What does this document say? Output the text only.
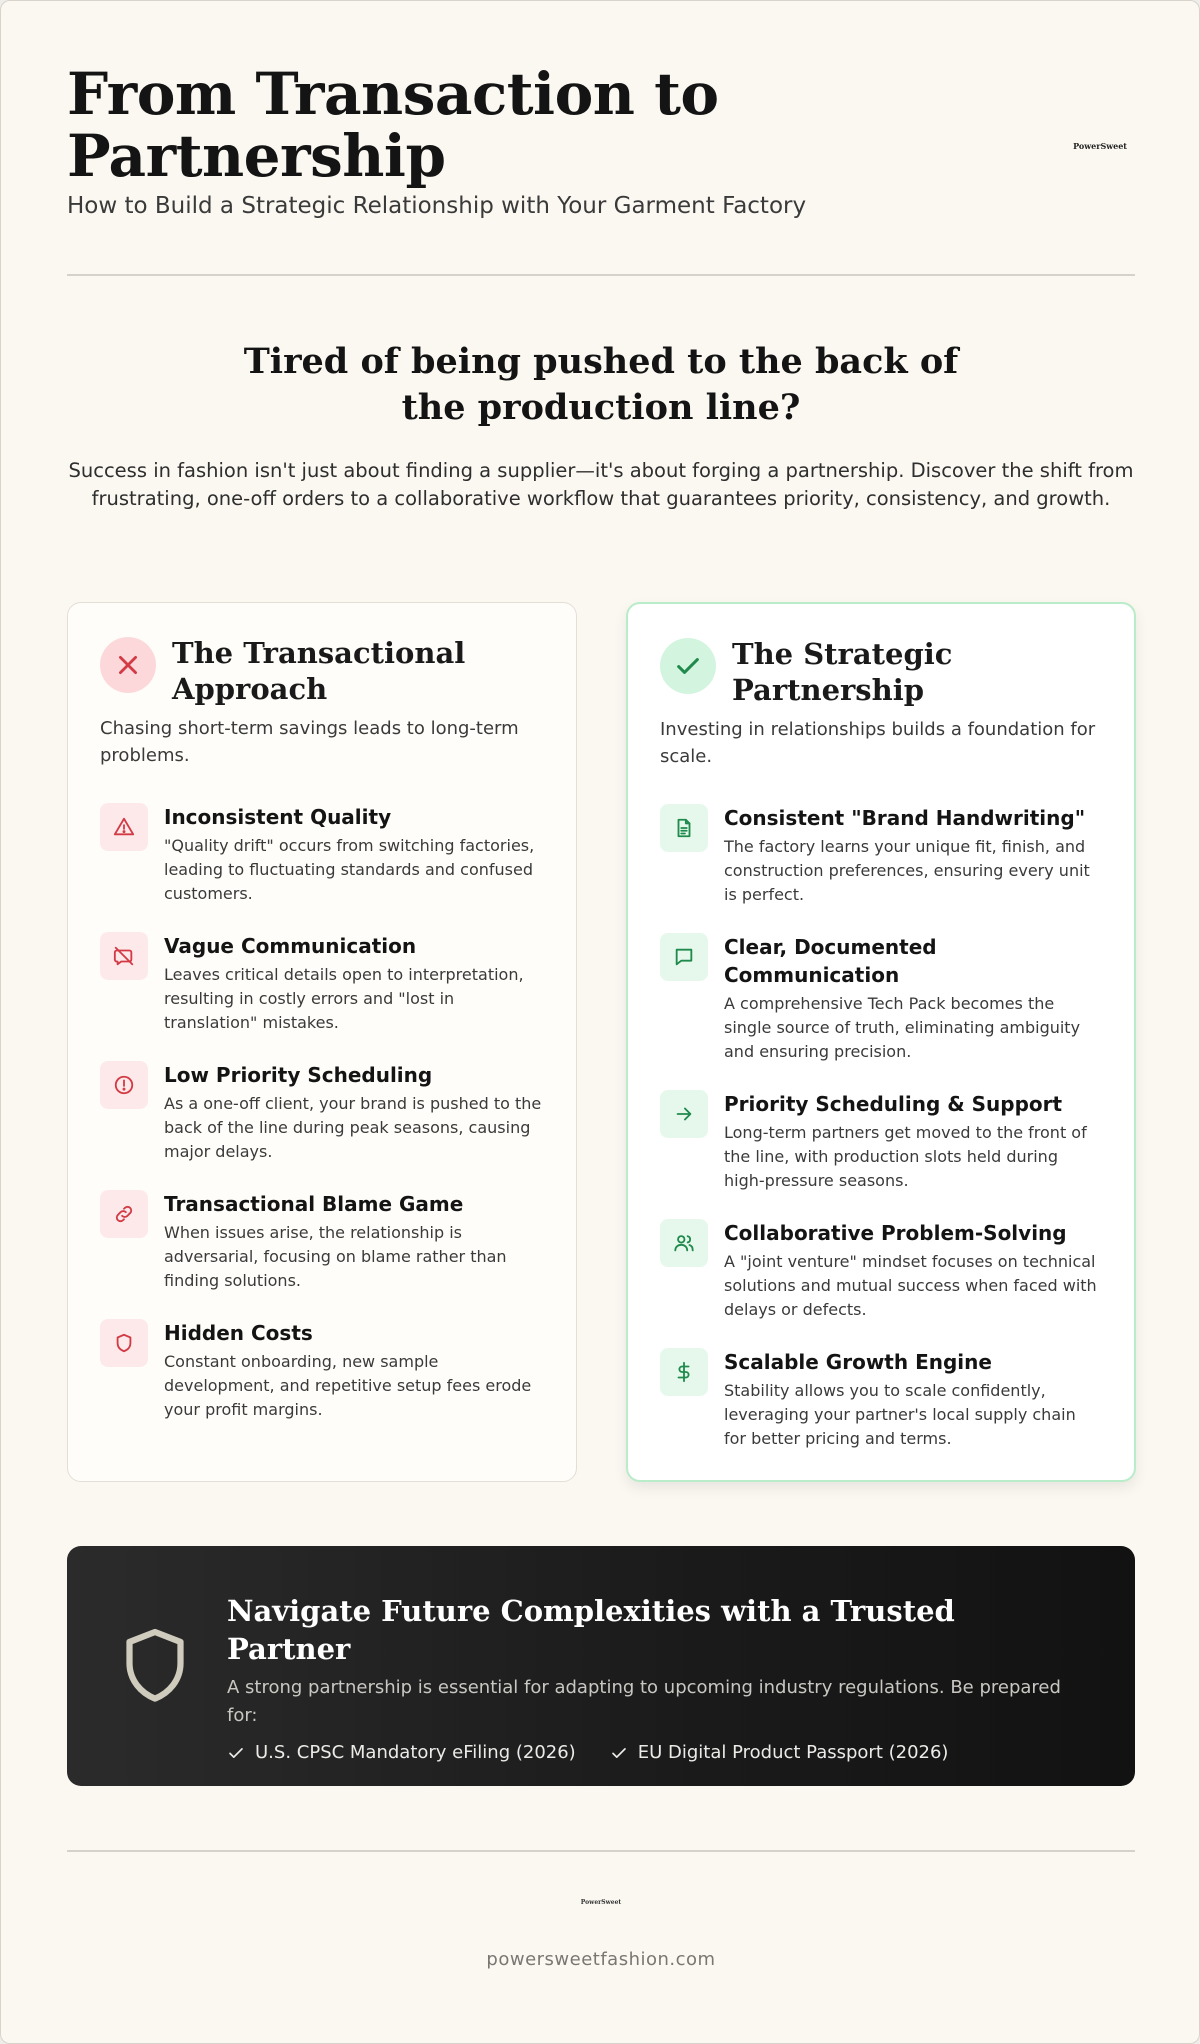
From Transaction to Partnership
How to Build a Strategic Relationship with Your Garment Factory
PowerSweet
Tired of being pushed to the back of the production line?

Success in fashion isn't just about finding a supplier—it's about forging a partnership. Discover the shift from frustrating, one-off orders to a collaborative workflow that guarantees priority, consistency, and growth.

The Transactional Approach
Chasing short-term savings leads to long-term problems.
Inconsistent Quality
"Quality drift" occurs from switching factories, leading to fluctuating standards and confused customers.
Vague Communication
Leaves critical details open to interpretation, resulting in costly errors and "lost in translation" mistakes.
Low Priority Scheduling
As a one-off client, your brand is pushed to the back of the line during peak seasons, causing major delays.
Transactional Blame Game
When issues arise, the relationship is adversarial, focusing on blame rather than finding solutions.
Hidden Costs
Constant onboarding, new sample development, and repetitive setup fees erode your profit margins.
The Strategic Partnership
Investing in relationships builds a foundation for scale.
Consistent "Brand Handwriting"
The factory learns your unique fit, finish, and construction preferences, ensuring every unit is perfect.
Clear, Documented Communication
A comprehensive Tech Pack becomes the single source of truth, eliminating ambiguity and ensuring precision.
Priority Scheduling & Support
Long-term partners get moved to the front of the line, with production slots held during high-pressure seasons.
Collaborative Problem-Solving
A "joint venture" mindset focuses on technical solutions and mutual success when faced with delays or defects.
Scalable Growth Engine
Stability allows you to scale confidently, leveraging your partner's local supply chain for better pricing and terms.
Navigate Future Complexities with a Trusted Partner
A strong partnership is essential for adapting to upcoming industry regulations. Be prepared for:
U.S. CPSC Mandatory eFiling (2026)	EU Digital Product Passport (2026)
PowerSweet
powersweetfashion.com
